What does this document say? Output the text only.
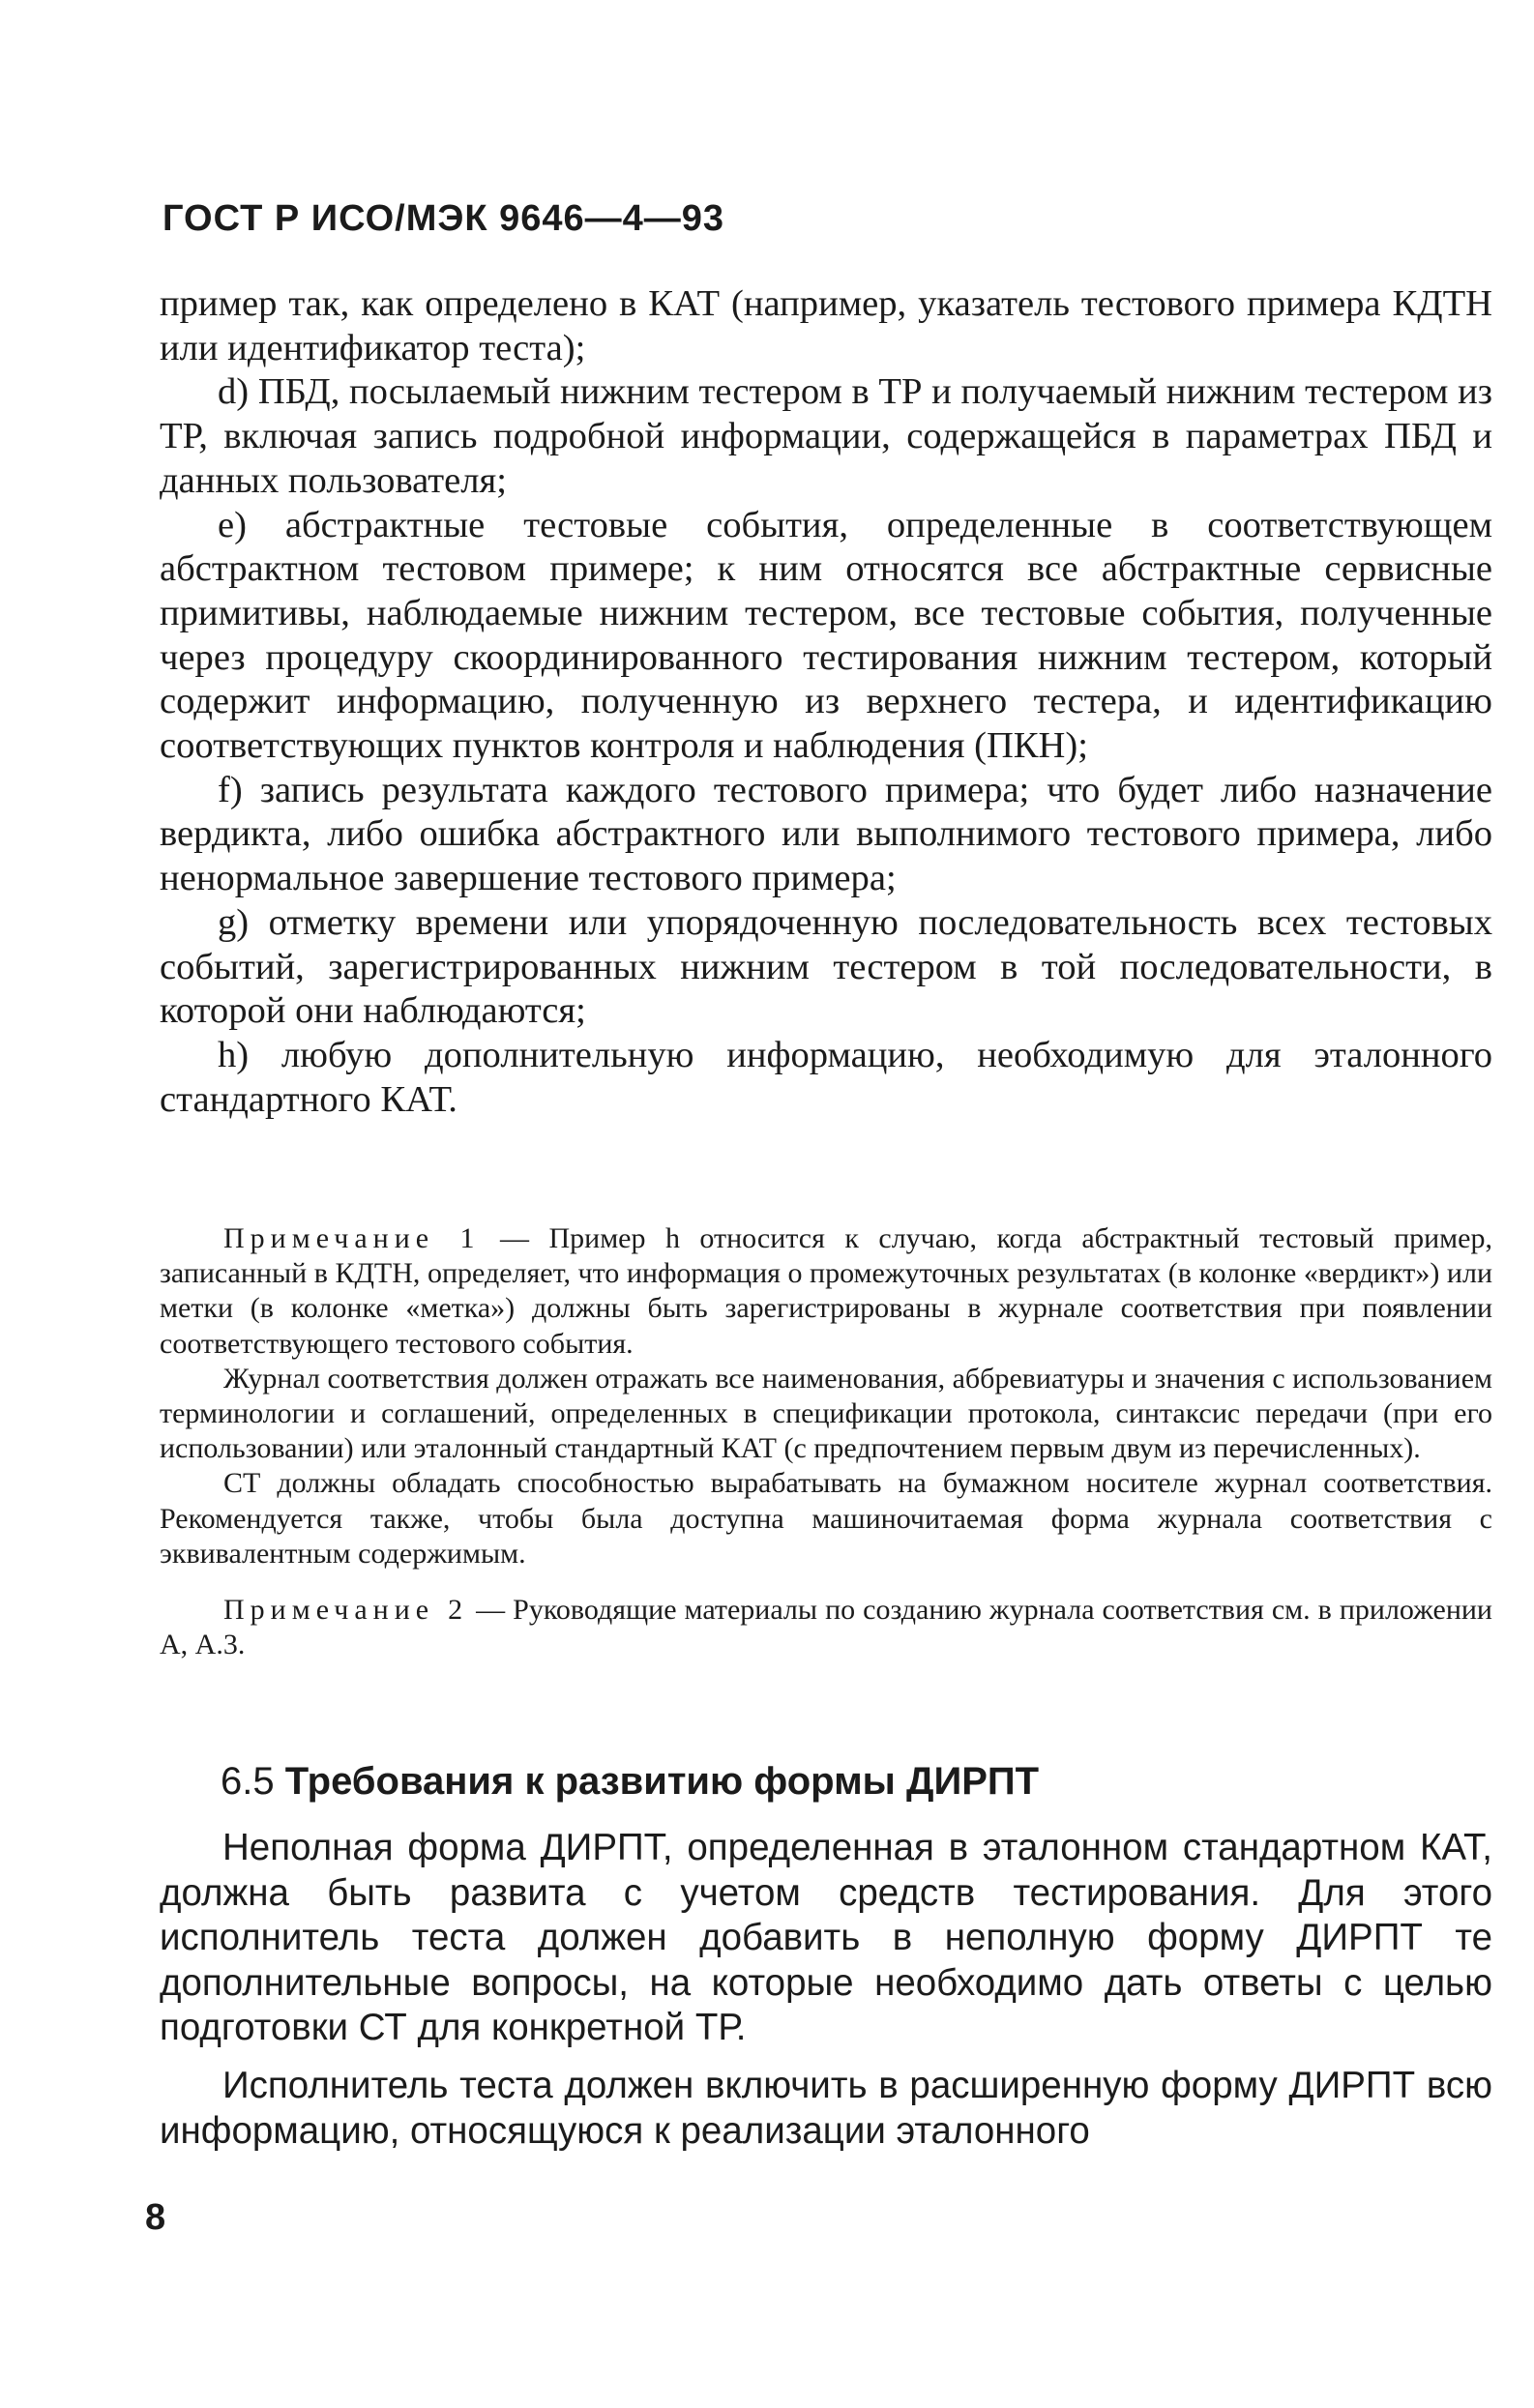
ГОСТ Р ИСО/МЭК 9646—4—93

пример так, как определено в КАТ (например, указатель тестового примера КДТН или идентификатор теста);

d) ПБД, посылаемый нижним тестером в ТР и получаемый нижним тестером из ТР, включая запись подробной информации, содержащейся в параметрах ПБД и данных пользователя;

e) абстрактные тестовые события, определенные в соответствующем абстрактном тестовом примере; к ним относятся все абстрактные сервисные примитивы, наблюдаемые нижним тестером, все тестовые события, полученные через процедуру скоординированного тестирования нижним тестером, который содержит информацию, полученную из верхнего тестера, и идентификацию соответствующих пунктов контроля и наблюдения (ПКН);

f) запись результата каждого тестового примера; что будет либо назначение вердикта, либо ошибка абстрактного или выполнимого тестового примера, либо ненормальное завершение тестового примера;

g) отметку времени или упорядоченную последовательность всех тестовых событий, зарегистрированных нижним тестером в той последовательности, в которой они наблюдаются;

h) любую дополнительную информацию, необходимую для эталонного стандартного КАТ.

Примечание 1 — Пример h относится к случаю, когда абстрактный тестовый пример, записанный в КДТН, определяет, что информация о промежуточных результатах (в колонке «вердикт») или метки (в колонке «метка») должны быть зарегистрированы в журнале соответствия при появлении соответствующего тестового события.

Журнал соответствия должен отражать все наименования, аббревиатуры и значения с использованием терминологии и соглашений, определенных в спецификации протокола, синтаксис передачи (при его использовании) или эталонный стандартный КАТ (с предпочтением первым двум из перечисленных).

СТ должны обладать способностью вырабатывать на бумажном носителе журнал соответствия. Рекомендуется также, чтобы была доступна машиночитаемая форма журнала соответствия с эквивалентным содержимым.

Примечание 2 — Руководящие материалы по созданию журнала соответствия см. в приложении А, А.3.

6.5 Требования к развитию формы ДИРПТ

Неполная форма ДИРПТ, определенная в эталонном стандартном КАТ, должна быть развита с учетом средств тестирования. Для этого исполнитель теста должен добавить в неполную форму ДИРПТ те дополнительные вопросы, на которые необходимо дать ответы с целью подготовки СТ для конкретной ТР.

Исполнитель теста должен включить в расширенную форму ДИРПТ всю информацию, относящуюся к реализации эталонного

8
